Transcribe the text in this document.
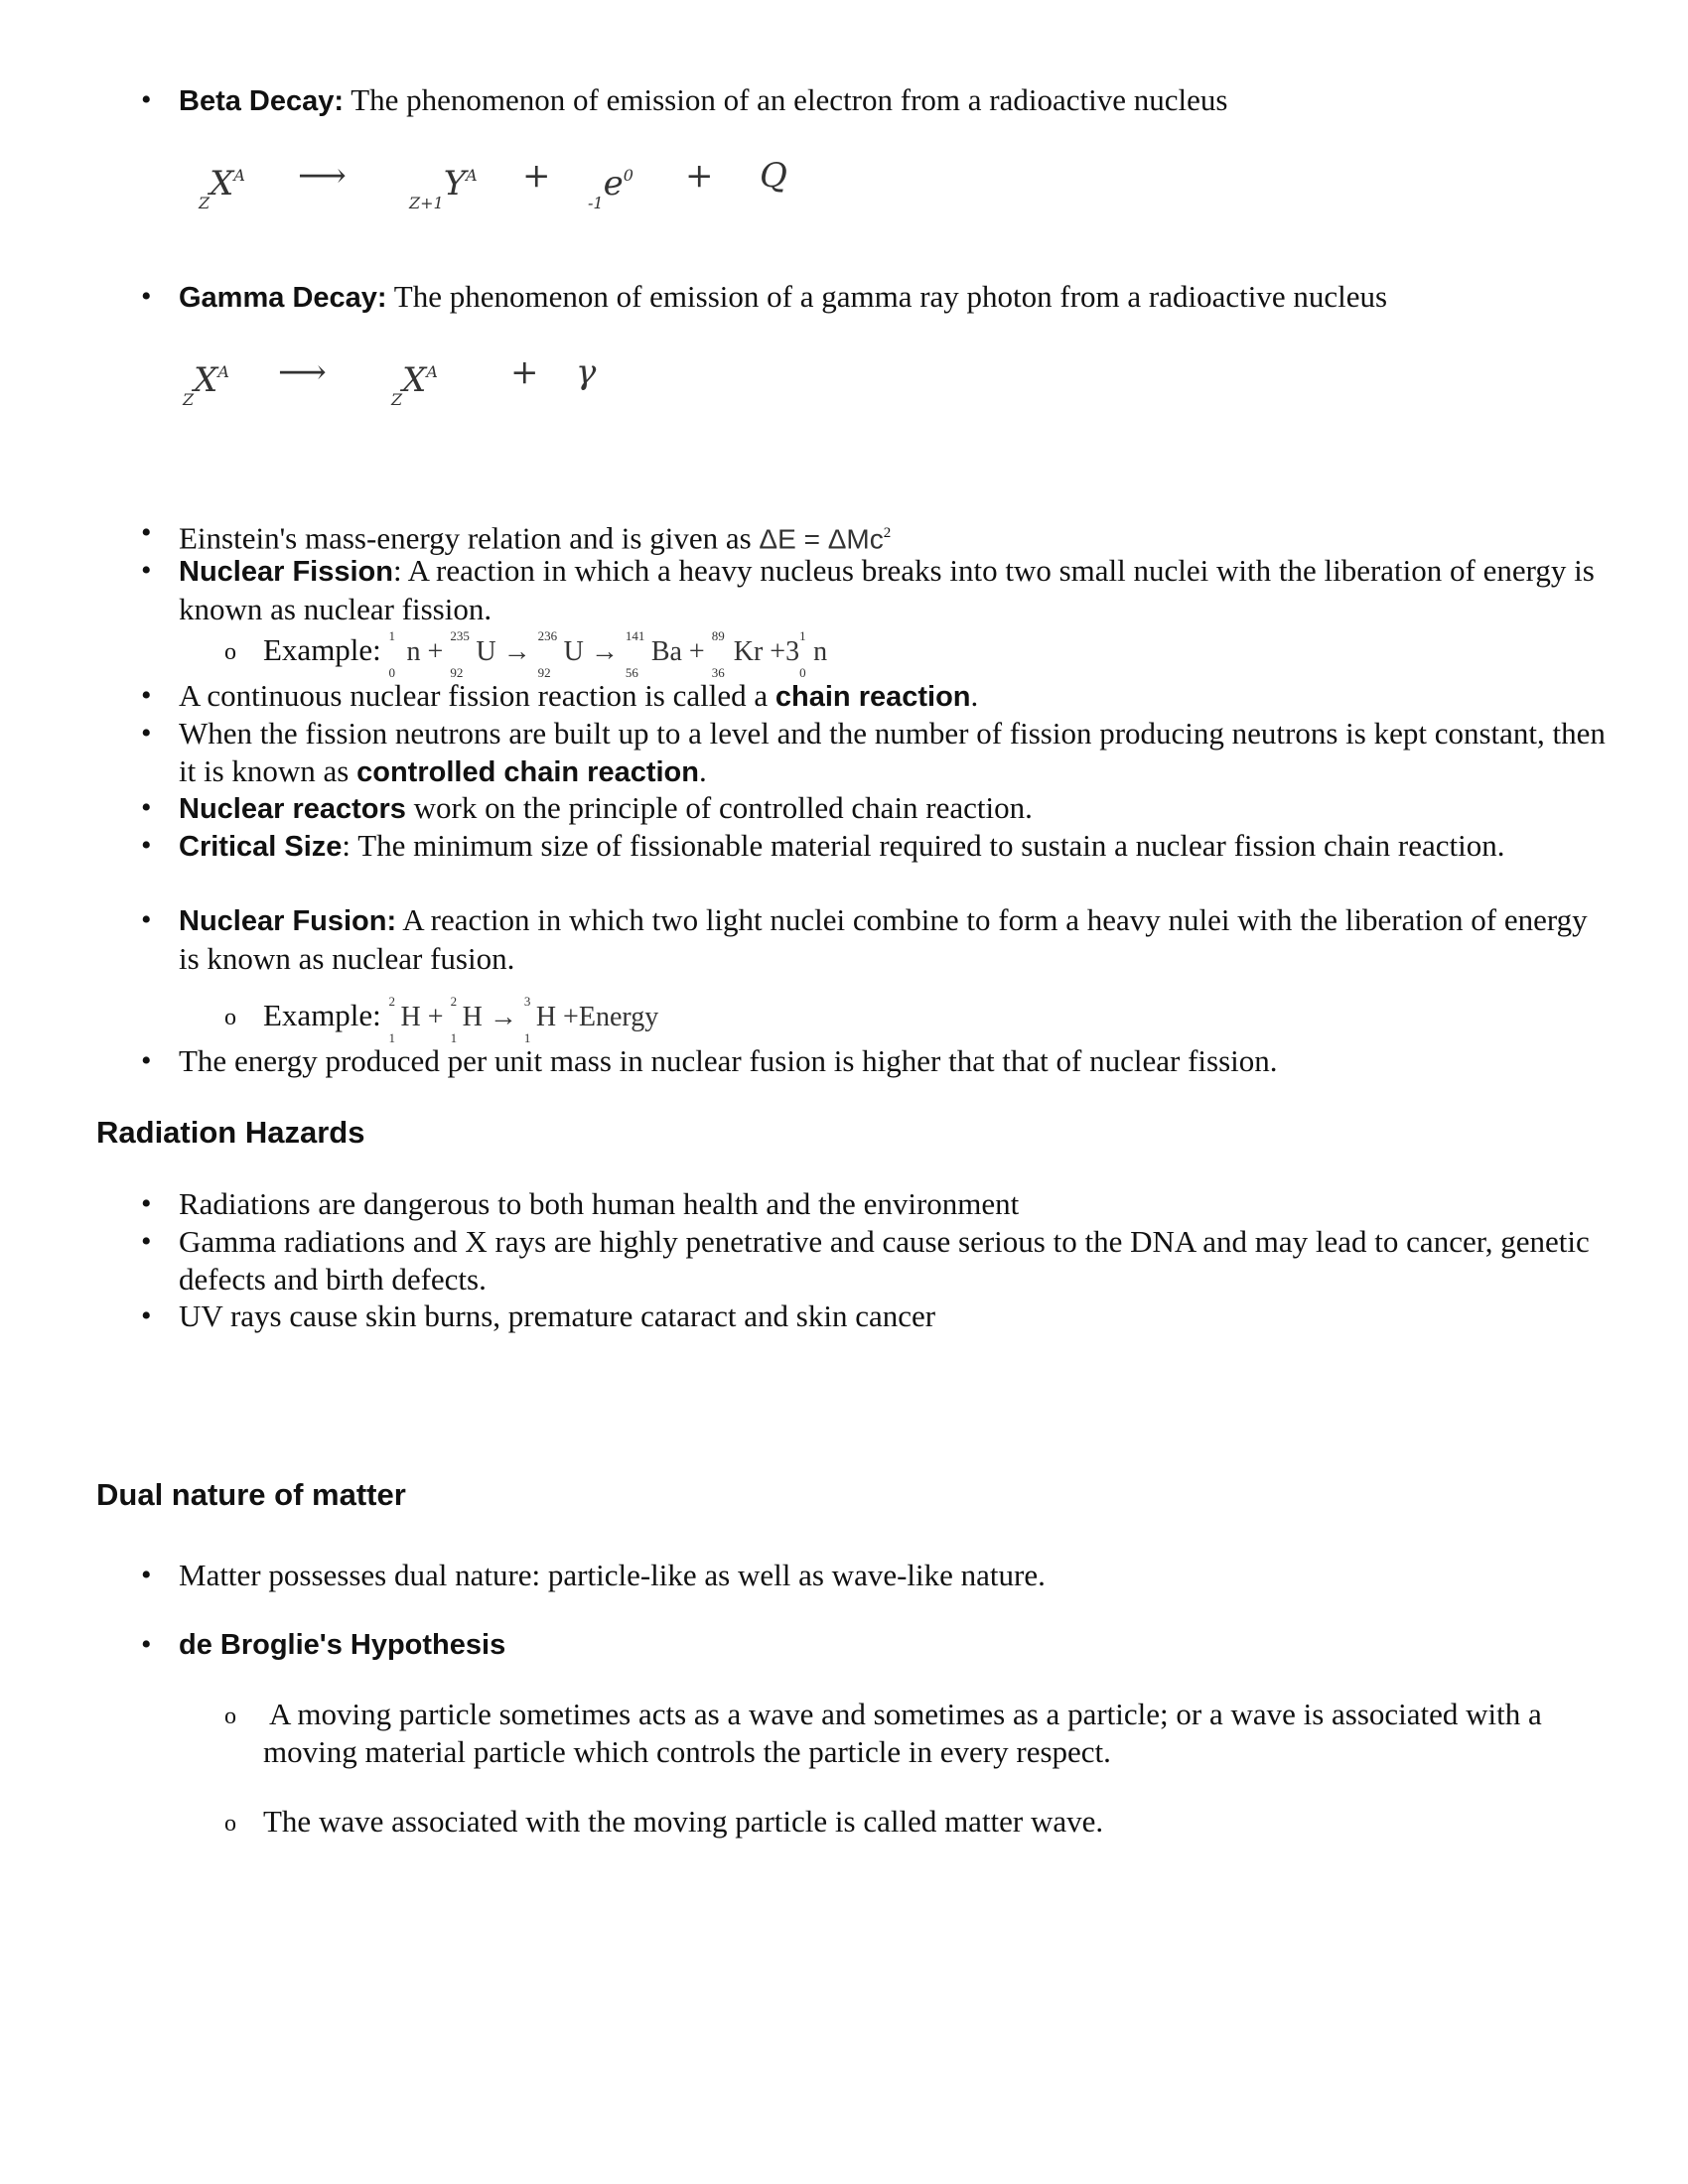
• Beta Decay: The phenomenon of emission of an electron from a radioactive nucleus
$_ZX^A$ ⟶
$_{Z+1}Y^A$ +
$_{-1}e^0 + Q$
• Gamma Decay: The phenomenon of emission of a gamma ray photon from a radioactive nucleus
$_ZX^A$ ⟶
$_ZX^A + \gamma$
• Einstein's mass-energy relation and is given as ΔE = ΔMc$^2$
• Nuclear Fission: A reaction in which a heavy nucleus breaks into two small nuclei with the liberation of energy is known as nuclear fission.
o Example: 1
0
n +
235
92
U →
236
92
U →
141
56
Ba +
89
36
Kr +3
1
0
n
• A continuous nuclear fission reaction is called a chain reaction.
• When the fission neutrons are built up to a level and the number of fission producing neutrons is kept constant, then it is known as controlled chain reaction.
• Nuclear reactors work on the principle of controlled chain reaction.
• Critical Size: The minimum size of fissionable material required to sustain a nuclear fission chain reaction.
• Nuclear Fusion: A reaction in which two light nuclei combine to form a heavy nulei with the liberation of energy is known as nuclear fusion.
o Example: 2
1
H +
2
1
H →
3
1
H +Energy
• The energy produced per unit mass in nuclear fusion is higher that that of nuclear fission.
Radiation Hazards
• Radiations are dangerous to both human health and the environment
• Gamma radiations and X rays are highly penetrative and cause serious to the DNA and may lead to cancer, genetic defects and birth defects.
• UV rays cause skin burns, premature cataract and skin cancer
Dual nature of matter
• Matter possesses dual nature: particle-like as well as wave-like nature.
• de Broglie's Hypothesis
o	A moving particle sometimes acts as a wave and sometimes as a particle; or a wave is associated with a moving material particle which controls the particle in every respect.
o The wave associated with the moving particle is called matter wave.
